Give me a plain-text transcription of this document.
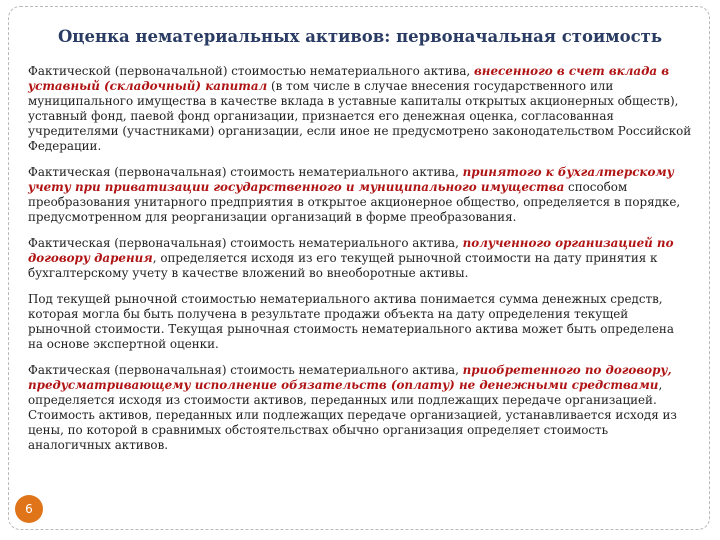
Оценка нематериальных активов: первоначальная стоимость

Фактической (первоначальной) стоимостью нематериального актива, внесенного в счет вклада в уставный (складочный) капитал (в том числе в случае внесения государственного или муниципального имущества в качестве вклада в уставные капиталы открытых акционерных обществ), уставный фонд, паевой фонд организации, признается его денежная оценка, согласованная учредителями (участниками) организации, если иное не предусмотрено законодательством Российской Федерации.

Фактическая (первоначальная) стоимость нематериального актива, принятого к бухгалтерскому учету при приватизации государственного и муниципального имущества способом преобразования унитарного предприятия в открытое акционерное общество, определяется в порядке, предусмотренном для реорганизации организаций в форме преобразования.

Фактическая (первоначальная) стоимость нематериального актива, полученного организацией по договору дарения, определяется исходя из его текущей рыночной стоимости на дату принятия к бухгалтерскому учету в качестве вложений во внеоборотные активы.

Под текущей рыночной стоимостью нематериального актива понимается сумма денежных средств, которая могла бы быть получена в результате продажи объекта на дату определения текущей рыночной стоимости. Текущая рыночная стоимость нематериального актива может быть определена на основе экспертной оценки.

Фактическая (первоначальная) стоимость нематериального актива, приобретенного по договору, предусматривающему исполнение обязательств (оплату) не денежными средствами, определяется исходя из стоимости активов, переданных или подлежащих передаче организацией. Стоимость активов, переданных или подлежащих передаче организацией, устанавливается исходя из цены, по которой в сравнимых обстоятельствах обычно организация определяет стоимость аналогичных активов.

6
